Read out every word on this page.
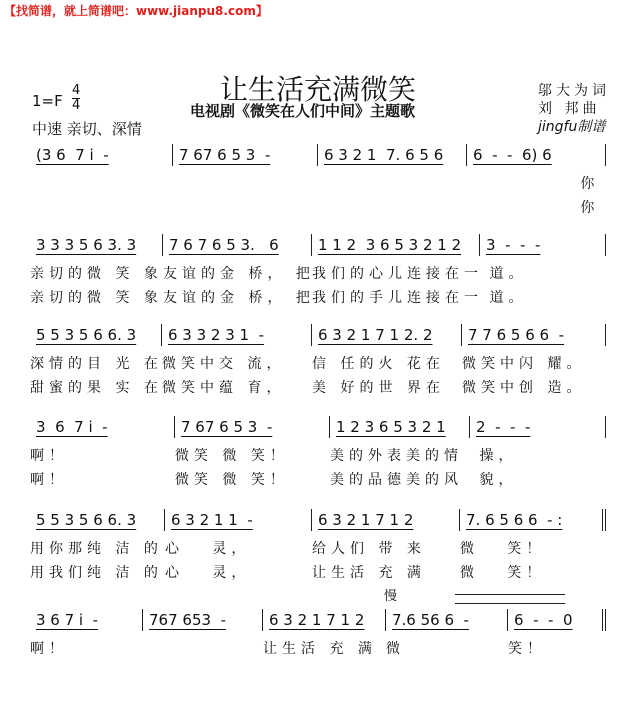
【找简谱，就上简谱吧：www.jianpu8.com】
让生活充满微笑
电视剧《微笑在人们中间》主题歌
1=F
4
4
中速 亲切、深情
邬大为词
刘 邦曲
jingfu制谱
慢
(3 6  7 i  -	7 67 6 5 3  -	6 3 2 1  7. 6 5 6	6  -  -  6) 6
你
你
3 3 3 5 6 3. 3	7 6 7 6 5 3.   6	1 1 2  3 6 5 3 2 1 2	3  -  -  -
亲切的微 笑 象 友谊的金 桥， 把
我们的心儿连接在一
道。
亲切的微 笑 象 友谊的金 桥， 把
我们的手儿连接在一
道。
5 5 3 5 6 6. 3	6 3 3 2 3 1  -	6 3 2 1 7 1 2. 2	7 7 6 5 6 6  -
深情的目 光 在 微笑中交 流，	信 任的火 花在	微笑中闪 耀。
甜蜜的果 实 在 微笑中蕴 育，	美 好的世 界在	微笑中创 造。
3  6  7 i  -	7 67 6 5 3  -	1 2 3 6 5 3 2 1	2  -  -  -
啊！	微笑 微 笑！	美的外表美的情 操，
啊！	微笑 微 笑！	美的品德美的风 貌，
5 5 3 5 6 6. 3	6 3 2 1 1  -	6 3 2 1 7 1 2	7. 6 5 6 6  - :
用你那纯 洁 的 心   灵，	给人们 带 来	微   笑！
用我们纯 洁 的 心   灵，	让生活 充 满	微   笑！
3 6 7 i  -	767 653  -	6 3 2 1 7 1 2	7.6 56 6  -	6  -  -  0
啊！	让生活 充 满 微	笑！
